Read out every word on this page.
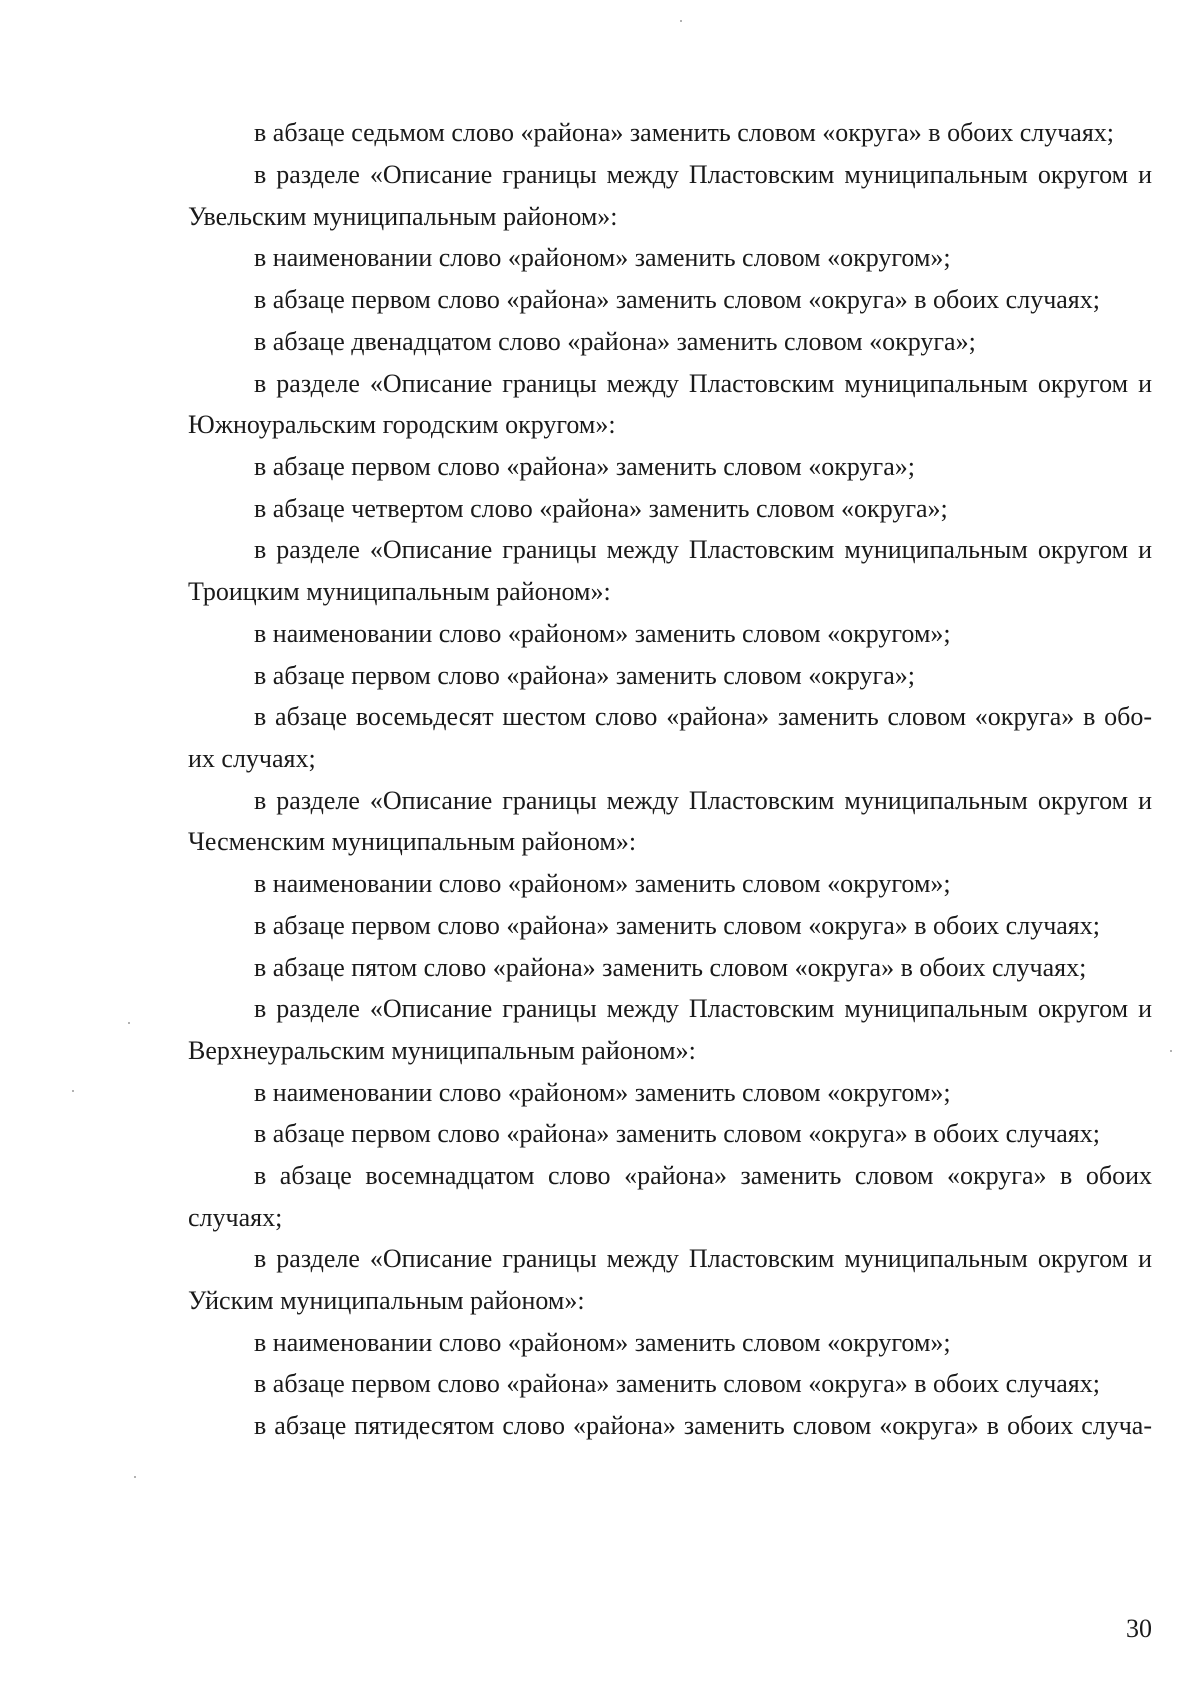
в абзаце седьмом слово «района» заменить словом «округа» в обоих случаях;
в разделе «Описание границы между Пластовским муниципальным округом и
Увельским муниципальным районом»:
в наименовании слово «районом» заменить словом «округом»;
в абзаце первом слово «района» заменить словом «округа» в обоих случаях;
в абзаце двенадцатом слово «района» заменить словом «округа»;
в разделе «Описание границы между Пластовским муниципальным округом и
Южноуральским городским округом»:
в абзаце первом слово «района» заменить словом «округа»;
в абзаце четвертом слово «района» заменить словом «округа»;
в разделе «Описание границы между Пластовским муниципальным округом и
Троицким муниципальным районом»:
в наименовании слово «районом» заменить словом «округом»;
в абзаце первом слово «района» заменить словом «округа»;
в абзаце восемьдесят шестом слово «района» заменить словом «округа» в обо-
их случаях;
в разделе «Описание границы между Пластовским муниципальным округом и
Чесменским муниципальным районом»:
в наименовании слово «районом» заменить словом «округом»;
в абзаце первом слово «района» заменить словом «округа» в обоих случаях;
в абзаце пятом слово «района» заменить словом «округа» в обоих случаях;
в разделе «Описание границы между Пластовским муниципальным округом и
Верхнеуральским муниципальным районом»:
в наименовании слово «районом» заменить словом «округом»;
в абзаце первом слово «района» заменить словом «округа» в обоих случаях;
в абзаце восемнадцатом слово «района» заменить словом «округа» в обоих
случаях;
в разделе «Описание границы между Пластовским муниципальным округом и
Уйским муниципальным районом»:
в наименовании слово «районом» заменить словом «округом»;
в абзаце первом слово «района» заменить словом «округа» в обоих случаях;
в абзаце пятидесятом слово «района» заменить словом «округа» в обоих случа-
30
